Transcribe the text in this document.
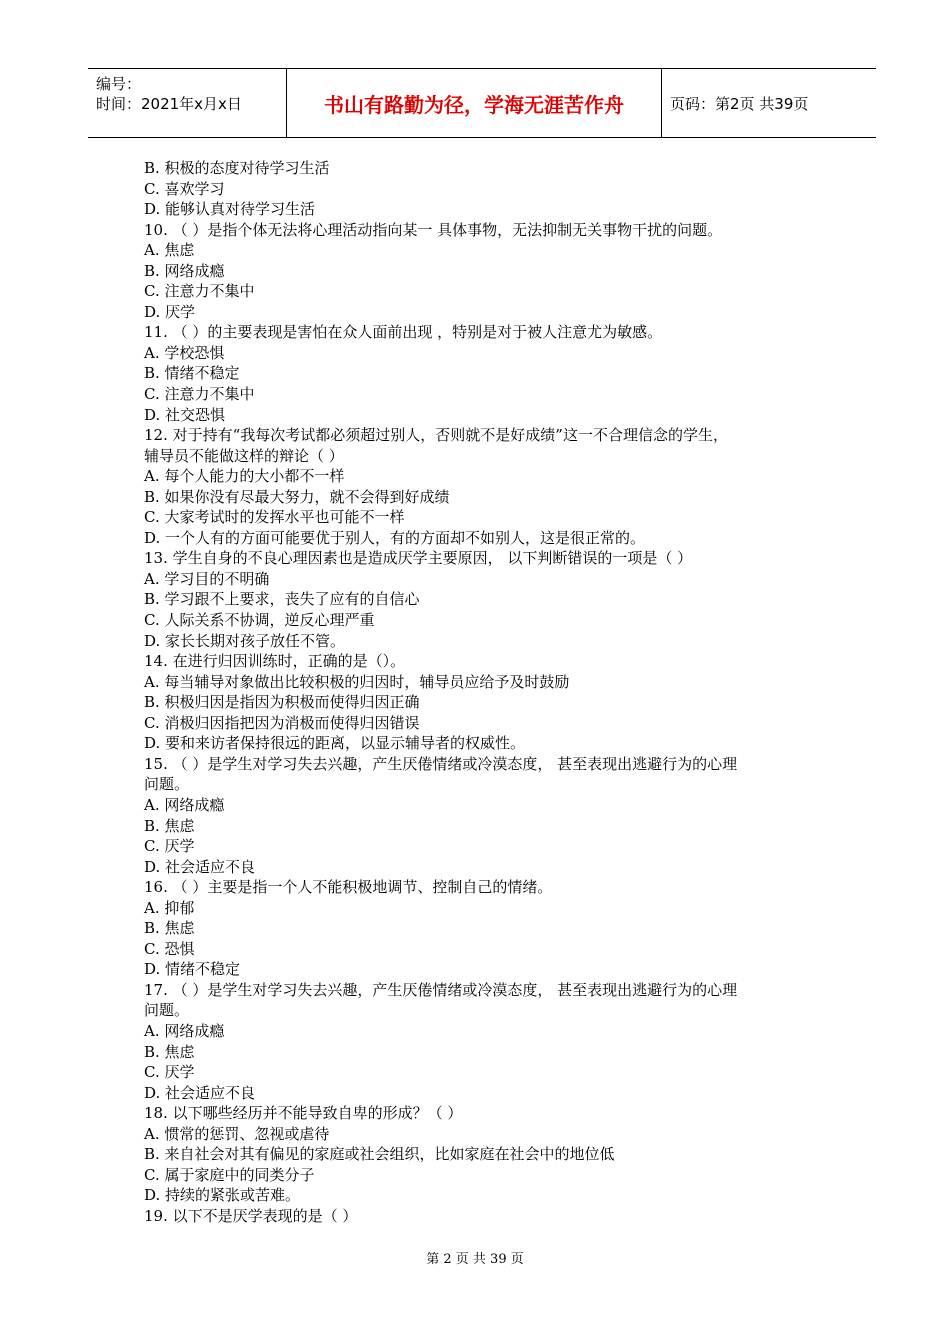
编号：
时间：2021年x月x日	书山有路勤为径，学海无涯苦作舟	页码：第2页 共39页
B. 积极的态度对待学习生活
C. 喜欢学习
D. 能够认真对待学习生活
10. （ ）是指个体无法将心理活动指向某一 具体事物，无法抑制无关事物干扰的问题。
A. 焦虑
B. 网络成瘾
C. 注意力不集中
D. 厌学
11. （ ）的主要表现是害怕在众人面前出现 ，特别是对于被人注意尤为敏感。
A. 学校恐惧
B. 情绪不稳定
C. 注意力不集中
D. 社交恐惧
12. 对于持有“我每次考试都必须超过别人，否则就不是好成绩”这一不合理信念的学生，
辅导员不能做这样的辩论（ ）
A. 每个人能力的大小都不一样
B. 如果你没有尽最大努力，就不会得到好成绩
C. 大家考试时的发挥水平也可能不一样
D. 一个人有的方面可能要优于别人，有的方面却不如别人，这是很正常的。
13. 学生自身的不良心理因素也是造成厌学主要原因， 以下判断错误的一项是（ ）
A. 学习目的不明确
B. 学习跟不上要求，丧失了应有的自信心
C. 人际关系不协调，逆反心理严重
D. 家长长期对孩子放任不管。
14. 在进行归因训练时，正确的是（）。
A. 每当辅导对象做出比较积极的归因时，辅导员应给予及时鼓励
B. 积极归因是指因为积极而使得归因正确
C. 消极归因指把因为消极而使得归因错误
D. 要和来访者保持很远的距离，以显示辅导者的权威性。
15. （ ）是学生对学习失去兴趣，产生厌倦情绪或冷漠态度， 甚至表现出逃避行为的心理
问题。
A. 网络成瘾
B. 焦虑
C. 厌学
D. 社会适应不良
16. （ ）主要是指一个人不能积极地调节、控制自己的情绪。
A. 抑郁
B. 焦虑
C. 恐惧
D. 情绪不稳定
17. （ ）是学生对学习失去兴趣，产生厌倦情绪或冷漠态度， 甚至表现出逃避行为的心理
问题。
A. 网络成瘾
B. 焦虑
C. 厌学
D. 社会适应不良
18. 以下哪些经历并不能导致自卑的形成？（ ）
A. 惯常的惩罚、忽视或虐待
B. 来自社会对其有偏见的家庭或社会组织，比如家庭在社会中的地位低
C. 属于家庭中的同类分子
D. 持续的紧张或苦难。
19. 以下不是厌学表现的是（ ）
第 2 页 共 39 页
